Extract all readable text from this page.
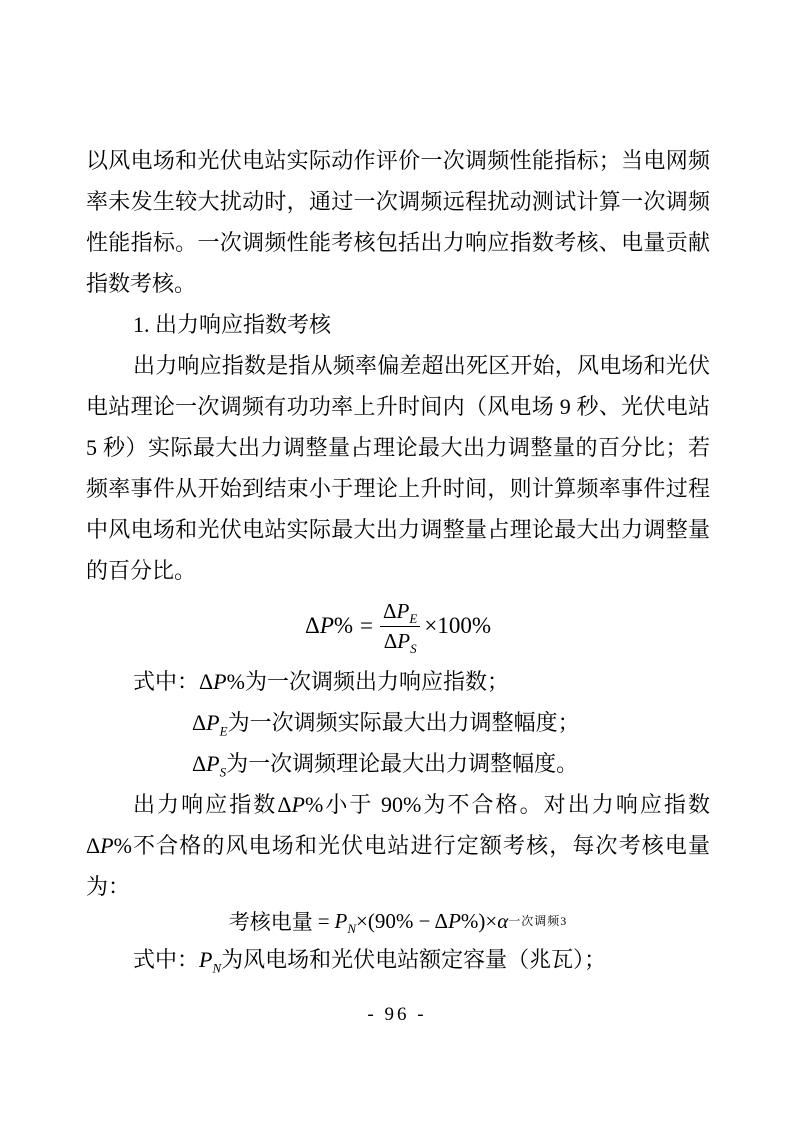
以风电场和光伏电站实际动作评价一次调频性能指标；当电网频
率未发生较大扰动时，通过一次调频远程扰动测试计算一次调频
性能指标。一次调频性能考核包括出力响应指数考核、电量贡献
指数考核。
1. 出力响应指数考核
出力响应指数是指从频率偏差超出死区开始，风电场和光伏
电站理论一次调频有功功率上升时间内（风电场 9 秒、光伏电站
5 秒）实际最大出力调整量占理论最大出力调整量的百分比；若
频率事件从开始到结束小于理论上升时间，则计算频率事件过程
中风电场和光伏电站实际最大出力调整量占理论最大出力调整量
的百分比。
$\Delta P\% = \frac{\Delta P_E}{\Delta P_S} \times 100\%$
式中：ΔP%为一次调频出力响应指数；
$\Delta P_E$为一次调频实际最大出力调整幅度；
$\Delta P_S$为一次调频理论最大出力调整幅度。
出力响应指数ΔP%小于 90%为不合格。对出力响应指数
ΔP%不合格的风电场和光伏电站进行定额考核，每次考核电量
为：
考核电量 = $P_N \times(90\% - \Delta$ P %)× α 一次调频3
式中：$P_N$为风电场和光伏电站额定容量（兆瓦）；
- 96 -
